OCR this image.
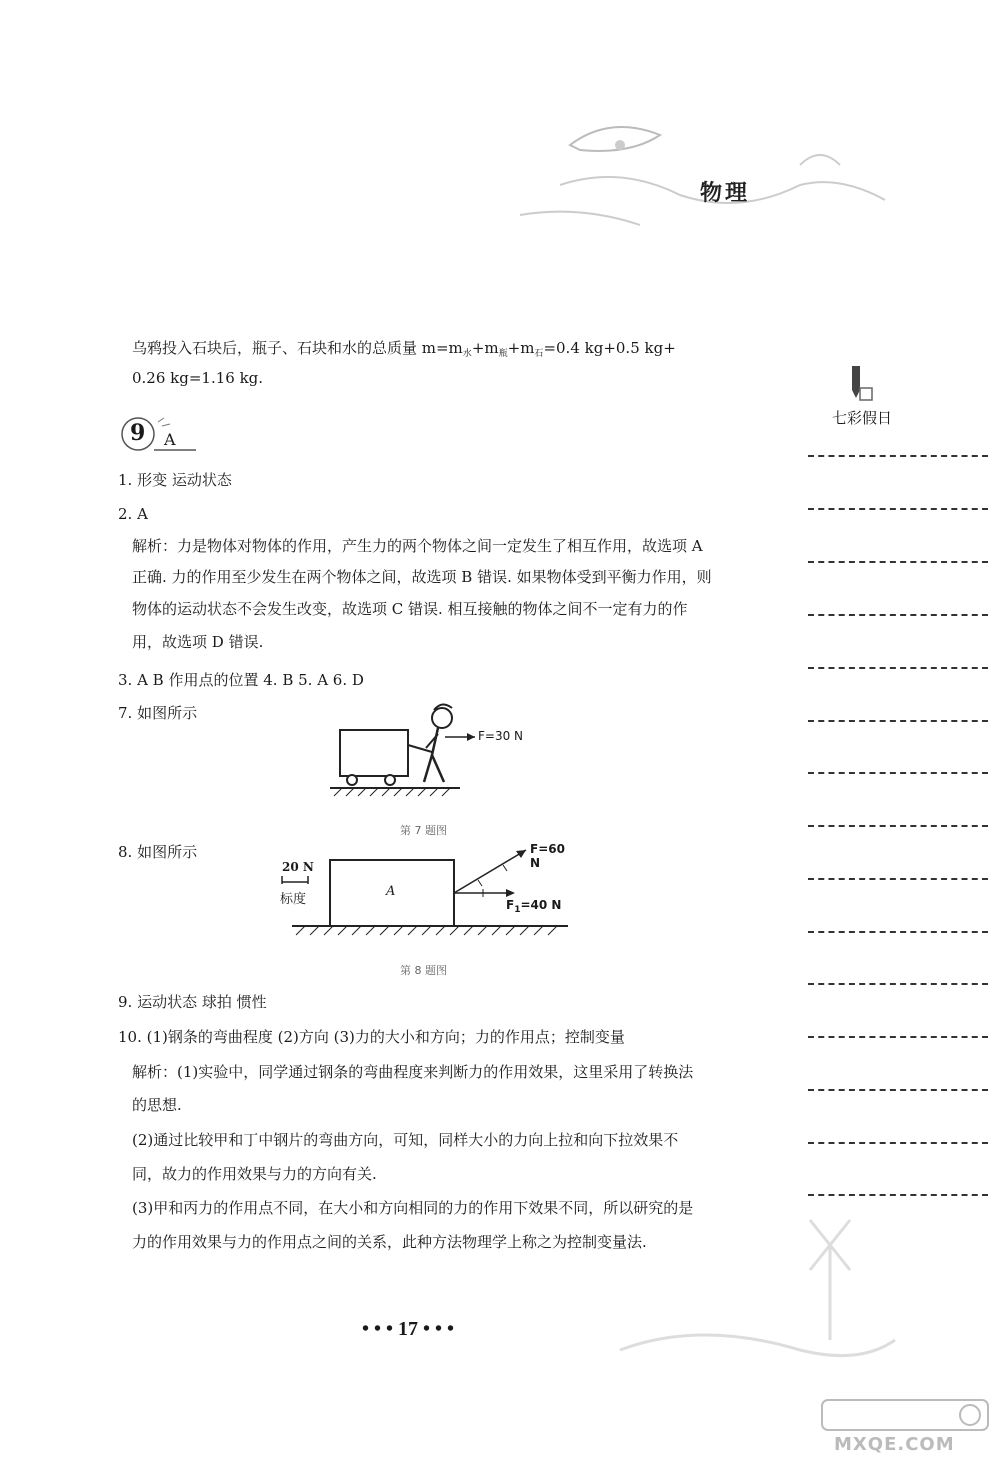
物理
七彩假日
乌鸦投入石块后，瓶子、石块和水的总质量 $m=m_水+m_瓶+m_石=0.4$ kg+0.5 kg+
0.26 kg=1.16 kg.
9 A
1. 形变 运动状态
2. A
解析：力是物体对物体的作用，产生力的两个物体之间一定发生了相互作用，故选项 A
正确. 力的作用至少发生在两个物体之间，故选项 B 错误. 如果物体受到平衡力作用，则
物体的运动状态不会发生改变，故选项 C 错误. 相互接触的物体之间不一定有力的作
用，故选项 D 错误.
3. A B 作用点的位置 4. B 5. A 6. D
7. 如图所示
F=30 N
第 7 题图
8. 如图所示
20 N
标度
A
F=60 N
$F_1=40$ N
第 8 题图
9. 运动状态 球拍 惯性
10. (1)钢条的弯曲程度 (2)方向 (3)力的大小和方向；力的作用点；控制变量
解析：(1)实验中，同学通过钢条的弯曲程度来判断力的作用效果，这里采用了转换法
的思想.
(2)通过比较甲和丁中钢片的弯曲方向，可知，同样大小的力向上拉和向下拉效果不
同，故力的作用效果与力的方向有关.
(3)甲和丙力的作用点不同，在大小和方向相同的力的作用下效果不同，所以研究的是
力的作用效果与力的作用点之间的关系，此种方法物理学上称之为控制变量法.
• • • 17 • • •
MXQE.COM
